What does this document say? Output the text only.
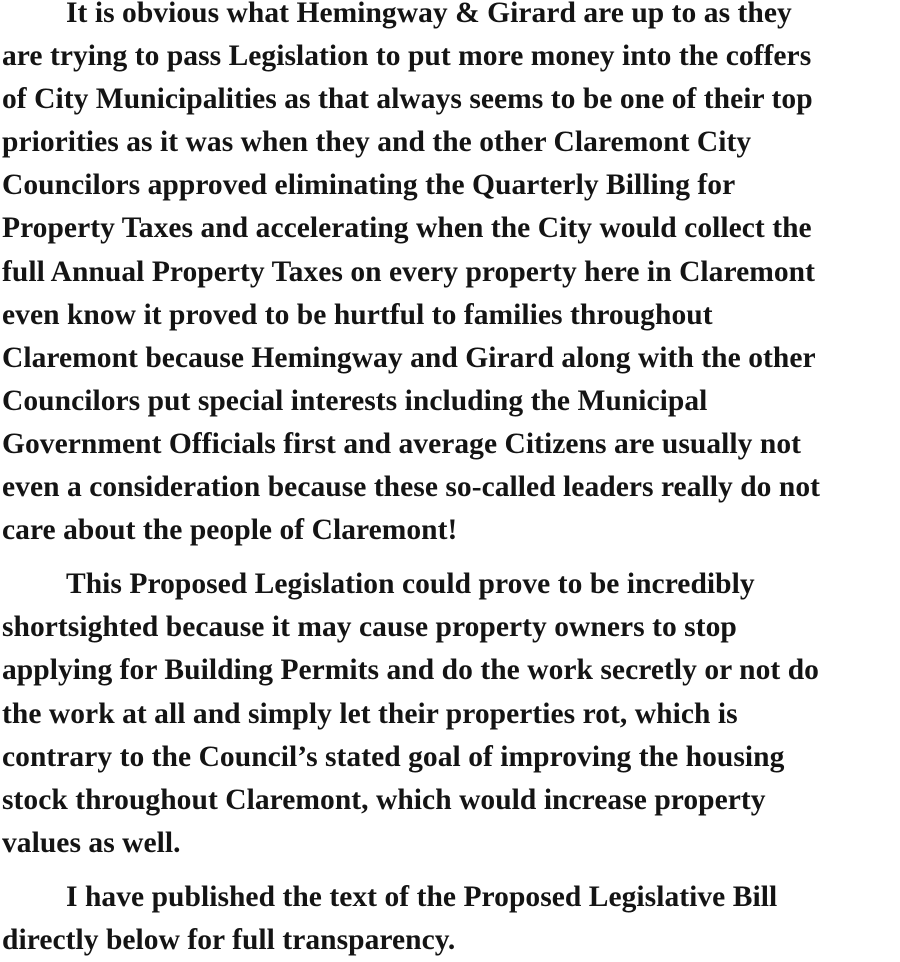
It is obvious what Hemingway & Girard are up to as they
are trying to pass Legislation to put more money into the coffers
of City Municipalities as that always seems to be one of their top
priorities as it was when they and the other Claremont City
Councilors approved eliminating the Quarterly Billing for
Property Taxes and accelerating when the City would collect the
full Annual Property Taxes on every property here in Claremont
even know it proved to be hurtful to families throughout
Claremont because Hemingway and Girard along with the other
Councilors put special interests including the Municipal
Government Officials first and average Citizens are usually not
even a consideration because these so-called leaders really do not
care about the people of Claremont!
This Proposed Legislation could prove to be incredibly
shortsighted because it may cause property owners to stop
applying for Building Permits and do the work secretly or not do
the work at all and simply let their properties rot, which is
contrary to the Council’s stated goal of improving the housing
stock throughout Claremont, which would increase property
values as well.
I have published the text of the Proposed Legislative Bill
directly below for full transparency.
